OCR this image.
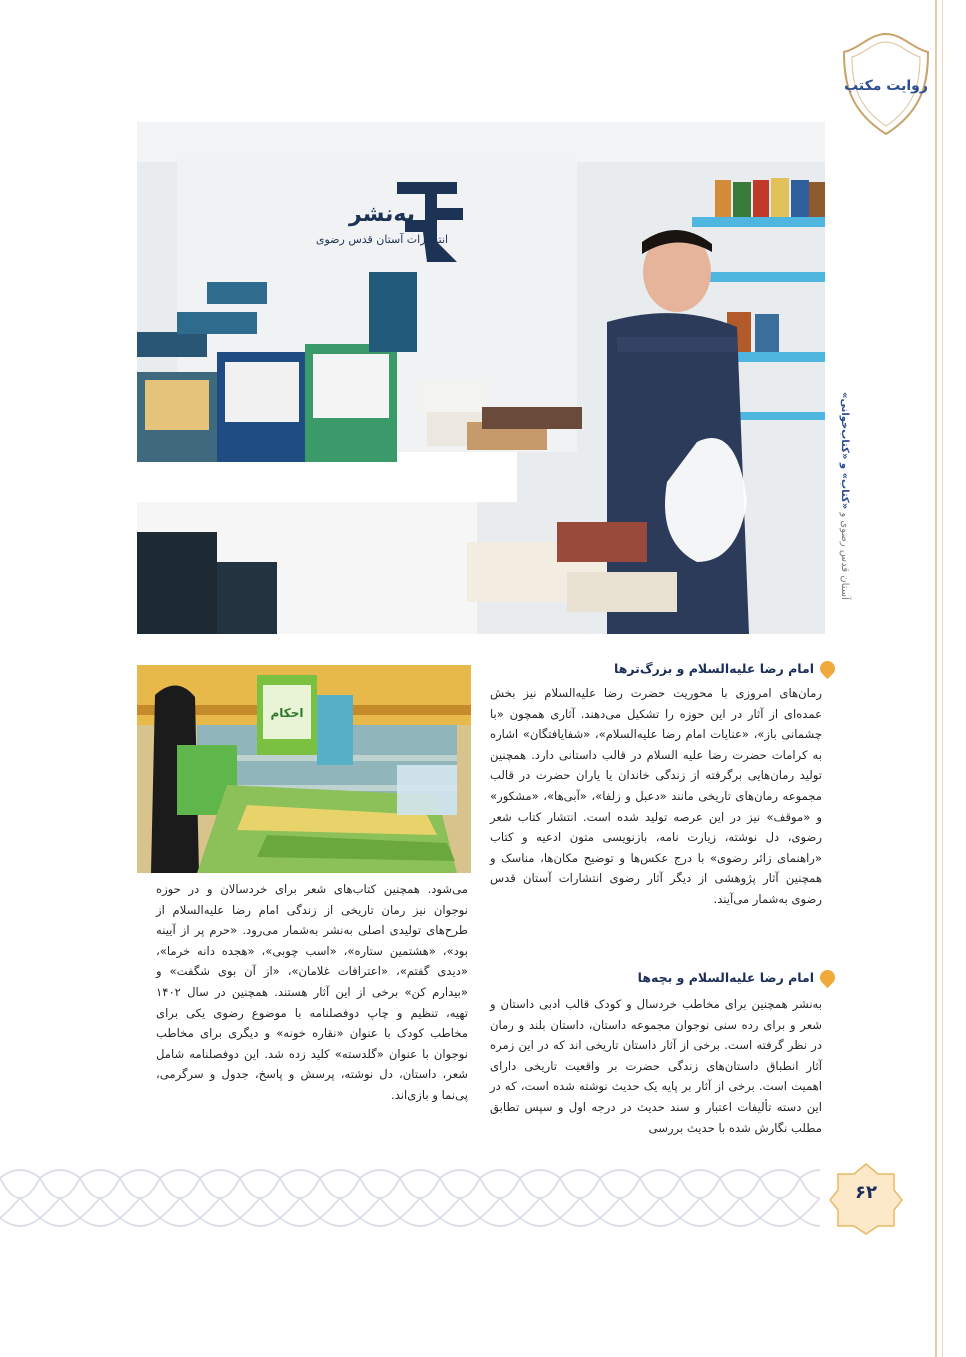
روایت مکتب
آستان قدس رضوی و «کتاب» و «کتاب‌خوانی»
به‌نشر
انتشارات آستان قدس رضوی
امام رضا علیه‌السلام و بزرگ‌ترها

رمان‌های امروزی با محوریت حضرت رضا علیه‌السلام نیز بخش عمده‌ای از آثار در این حوزه را تشکیل می‌دهند. آثاری همچون «با چشمانی باز»، «عنایات امام رضا علیه‌السلام»، «شفایافتگان» اشاره به کرامات حضرت رضا علیه السلام در قالب داستانی دارد. همچنین تولید رمان‌هایی برگرفته از زندگی خاندان یا یاران حضرت در قالب مجموعه رمان‌های تاریخی مانند «دعبل و زلفا»، «آبی‌ها»، «مشکور» و «موقف» نیز در این عرصه تولید شده است. انتشار کتاب شعر رضوی، دل نوشته، زیارت نامه، بازنویسی متون ادعیه و کتاب «راهنمای زائر رضوی» با درج عکس‌ها و توضیح مکان‌ها، مناسک و همچنین آثار پژوهشی از دیگر آثار رضوی انتشارات آستان قدس رضوی به‌شمار می‌آیند.

امام رضا علیه‌السلام و بچه‌ها

به‌نشر همچنین برای مخاطب خردسال و کودک قالب ادبی داستان و شعر و برای رده سنی نوجوان مجموعه داستان، داستان بلند و رمان در نظر گرفته است. برخی از آثار داستان تاریخی اند که در این زمره آثار انطباق داستان‌های زندگی حضرت بر واقعیت تاریخی دارای اهمیت است. برخی از آثار بر پایه یک حدیث نوشته شده است، که در این دسته تألیفات اعتبار و سند حدیث در درجه اول و سپس تطابق مطلب نگارش شده با حدیث بررسی

احکام

می‌شود. همچنین کتاب‌های شعر برای خردسالان و در حوزه نوجوان نیز رمان تاریخی از زندگی امام رضا علیه‌السلام از طرح‌های تولیدی اصلی به‌نشر به‌شمار می‌رود. «حرم پر از آیینه بود»، «هشتمین ستاره»، «اسب چوبی»، «هجده دانه خرما»، «دیدی گفتم»، «اعترافات غلامان»، «از آن بوی شگفت» و «بیدارم کن» برخی از این آثار هستند. همچنین در سال ۱۴۰۲ تهیه، تنظیم و چاپ دوفصلنامه با موضوع رضوی یکی برای مخاطب کودک با عنوان «نقاره خونه» و دیگری برای مخاطب نوجوان با عنوان «گلدسته» کلید زده شد. این دوفصلنامه شامل شعر، داستان، دل نوشته، پرسش و پاسخ، جدول و سرگرمی، پی‌نما و بازی‌اند.

۶۲
